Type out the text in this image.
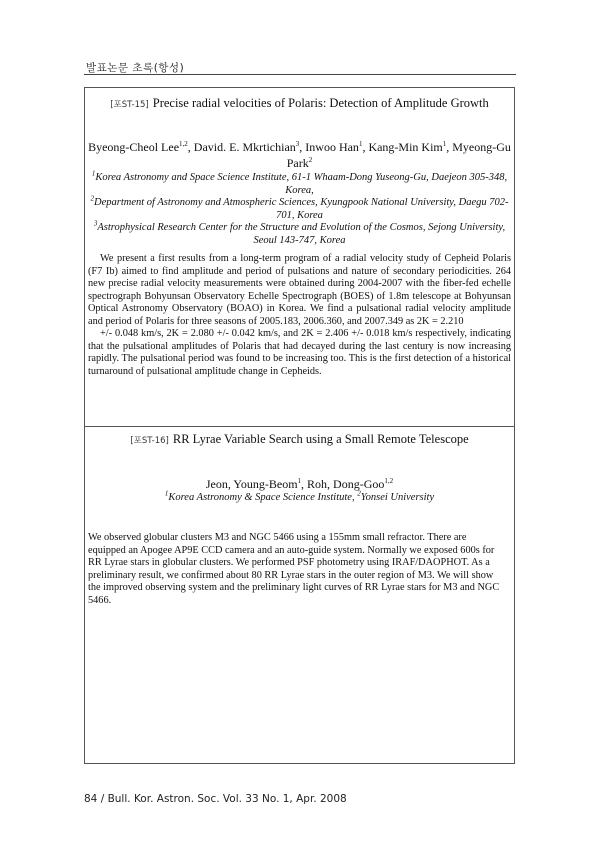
발표논문 초록(항성)
[포ST-15] Precise radial velocities of Polaris: Detection of Amplitude Growth
Byeong-Cheol Lee$^{1,2}$, David. E. Mkrtichian$^3$, Inwoo Han$^1$, Kang-Min Kim$^1$, Myeong-Gu Park$^2$
$^1$Korea Astronomy and Space Science Institute, 61-1 Whaam-Dong Yuseong-Gu, Daejeon 305-348, Korea,
$^2$Department of Astronomy and Atmospheric Sciences, Kyungpook National University, Daegu 702-701, Korea
$^3$Astrophysical Research Center for the Structure and Evolution of the Cosmos, Sejong University, Seoul 143-747, Korea

We present a first results from a long-term program of a radial velocity study of Cepheid Polaris (F7 Ib) aimed to find amplitude and period of pulsations and nature of secondary periodicities. 264 new precise radial velocity measurements were obtained during 2004-2007 with the fiber-fed echelle spectrograph Bohyunsan Observatory Echelle Spectrograph (BOES) of 1.8m telescope at Bohyunsan Optical Astronomy Observatory (BOAO) in Korea. We find a pulsational radial velocity amplitude and period of Polaris for three seasons of 2005.183, 2006.360, and 2007.349 as 2K = 2.210

+/- 0.048 km/s, 2K = 2.080 +/- 0.042 km/s, and 2K = 2.406 +/- 0.018 km/s respectively, indicating that the pulsational amplitudes of Polaris that had decayed during the last century is now increasing rapidly. The pulsational period was found to be increasing too. This is the first detection of a historical turnaround of pulsational amplitude change in Cepheids.

[포ST-16] RR Lyrae Variable Search using a Small Remote Telescope
Jeon, Young-Beom$^1$, Roh, Dong-Goo$^{1,2}$
$^1$Korea Astronomy & Space Science Institute, $^2$Yonsei University

We observed globular clusters M3 and NGC 5466 using a 155mm small refractor. There are equipped an Apogee AP9E CCD camera and an auto-guide system. Normally we exposed 600s for RR Lyrae stars in globular clusters. We performed PSF photometry using IRAF/DAOPHOT. As a preliminary result, we confirmed about 80 RR Lyrae stars in the outer region of M3. We will show the improved observing system and the preliminary light curves of RR Lyrae stars for M3 and NGC 5466.

84 / Bull. Kor. Astron. Soc. Vol. 33 No. 1, Apr. 2008
